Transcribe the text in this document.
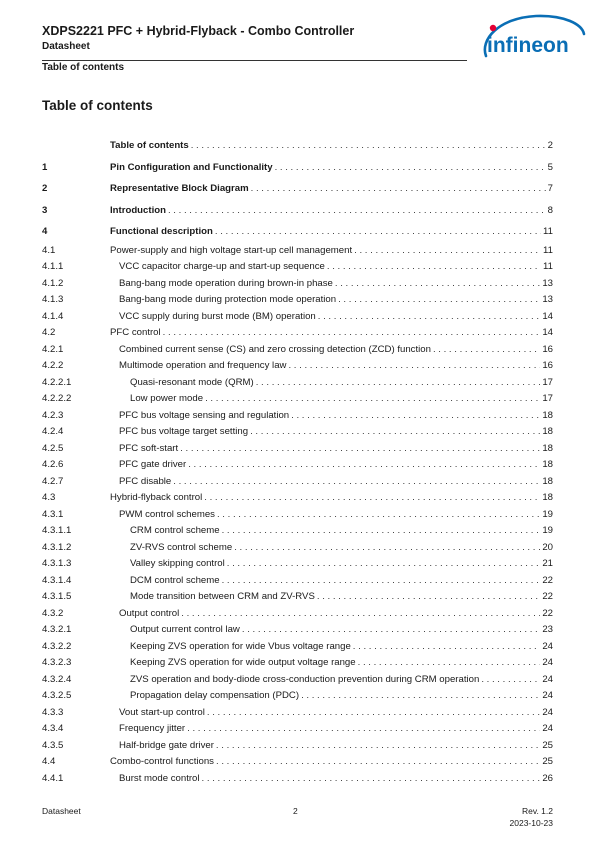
XDPS2221 PFC + Hybrid-Flyback - Combo Controller
Datasheet
Table of contents
infineon
Table of contents
Table of contents . . .	2
1	Pin Configuration and Functionality . . .	5
2	Representative Block Diagram . . .	7
3	Introduction . . .	8
4	Functional description . . .	11
4.1	Power-supply and high voltage start-up cell management . . .	11
4.1.1	VCC capacitor charge-up and start-up sequence . . .	11
4.1.2	Bang-bang mode operation during brown-in phase . . .	13
4.1.3	Bang-bang mode during protection mode operation . . .	13
4.1.4	VCC supply during burst mode (BM) operation . . .	14
4.2	PFC control . . .	14
4.2.1	Combined current sense (CS) and zero crossing detection (ZCD) function . . .	16
4.2.2	Multimode operation and frequency law . . .	16
4.2.2.1	Quasi-resonant mode (QRM) . . .	17
4.2.2.2	Low power mode . . .	17
4.2.3	PFC bus voltage sensing and regulation . . .	18
4.2.4	PFC bus voltage target setting . . .	18
4.2.5	PFC soft-start . . .	18
4.2.6	PFC gate driver . . .	18
4.2.7	PFC disable . . .	18
4.3	Hybrid-flyback control . . .	18
4.3.1	PWM control schemes . . .	19
4.3.1.1	CRM control scheme . . .	19
4.3.1.2	ZV-RVS control scheme . . .	20
4.3.1.3	Valley skipping control . . .	21
4.3.1.4	DCM control scheme . . .	22
4.3.1.5	Mode transition between CRM and ZV-RVS . . .	22
4.3.2	Output control . . .	22
4.3.2.1	Output current control law . . .	23
4.3.2.2	Keeping ZVS operation for wide Vbus voltage range . . .	24
4.3.2.3	Keeping ZVS operation for wide output voltage range . . .	24
4.3.2.4	ZVS operation and body-diode cross-conduction prevention during CRM operation . . .	24
4.3.2.5	Propagation delay compensation (PDC) . . .	24
4.3.3	Vout start-up control . . .	24
4.3.4	Frequency jitter . . .	24
4.3.5	Half-bridge gate driver . . .	25
4.4	Combo-control functions . . .	25
4.4.1	Burst mode control . . .	26
Datasheet	2	Rev. 1.2
2023-10-23
